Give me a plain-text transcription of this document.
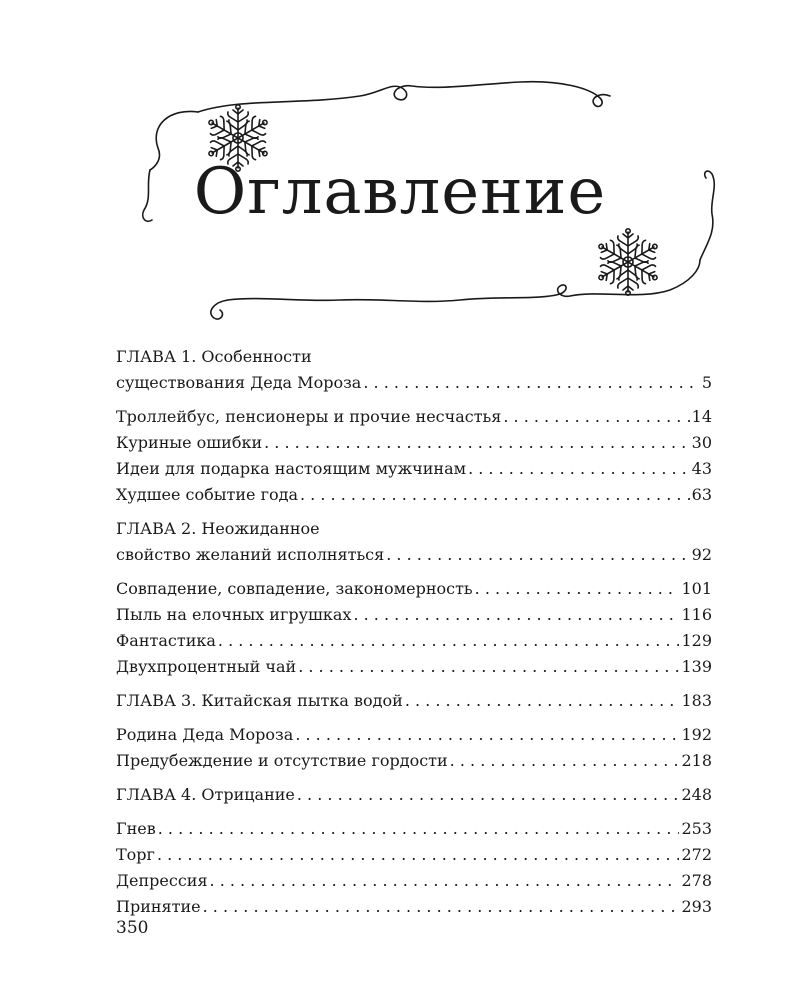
Оглавление
ГЛАВА 1. Особенности
существования Деда Мороза . . .	5
Троллейбус, пенсионеры и прочие несчастья . . .	14
Куриные ошибки . . .	30
Идеи для подарка настоящим мужчинам . . .	43
Худшее событие года . . .	63
ГЛАВА 2. Неожиданное
свойство желаний исполняться . . .	92
Совпадение, совпадение, закономерность . . .	101
Пыль на елочных игрушках . . .	116
Фантастика . . .	129
Двухпроцентный чай . . .	139
ГЛАВА 3. Китайская пытка водой . . .	183
Родина Деда Мороза . . .	192
Предубеждение и отсутствие гордости . . .	218
ГЛАВА 4. Отрицание . . .	248
Гнев . . .	253
Торг . . .	272
Депрессия . . .	278
Принятие . . .	293
350
